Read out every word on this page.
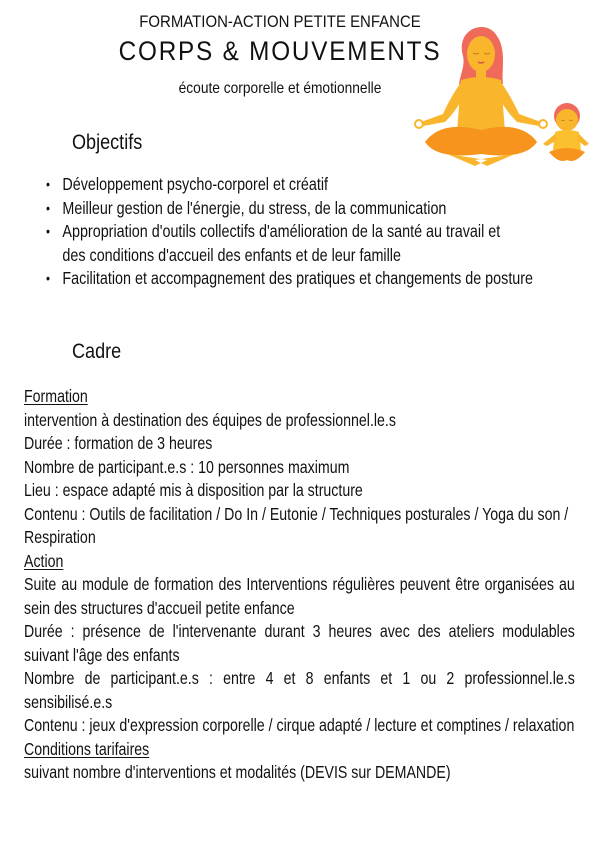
FORMATION-ACTION PETITE ENFANCE
CORPS & MOUVEMENTS
écoute corporelle et émotionnelle
Objectifs
• Développement psycho-corporel et créatif
• Meilleur gestion de l'énergie, du stress, de la communication
• Appropriation d'outils collectifs d'amélioration de la santé au travail et des conditions d'accueil des enfants et de leur famille
• Facilitation et accompagnement des pratiques et changements de posture
Cadre
Formation
intervention à destination des équipes de professionnel.le.s
Durée : formation de 3 heures
Nombre de participant.e.s : 10 personnes maximum
Lieu : espace adapté mis à disposition par la structure
Contenu : Outils de facilitation / Do In / Eutonie / Techniques posturales / Yoga du son / Respiration
Action
Suite au module de formation des Interventions régulières peuvent être organisées au sein des structures d'accueil petite enfance
Durée : présence de l'intervenante durant 3 heures avec des ateliers modulables suivant l'âge des enfants
Nombre de participant.e.s : entre 4 et 8 enfants et 1 ou 2 professionnel.le.s sensibilisé.e.s
Contenu : jeux d'expression corporelle / cirque adapté / lecture et comptines / relaxation
Conditions tarifaires
suivant nombre d'interventions et modalités (DEVIS sur DEMANDE)
